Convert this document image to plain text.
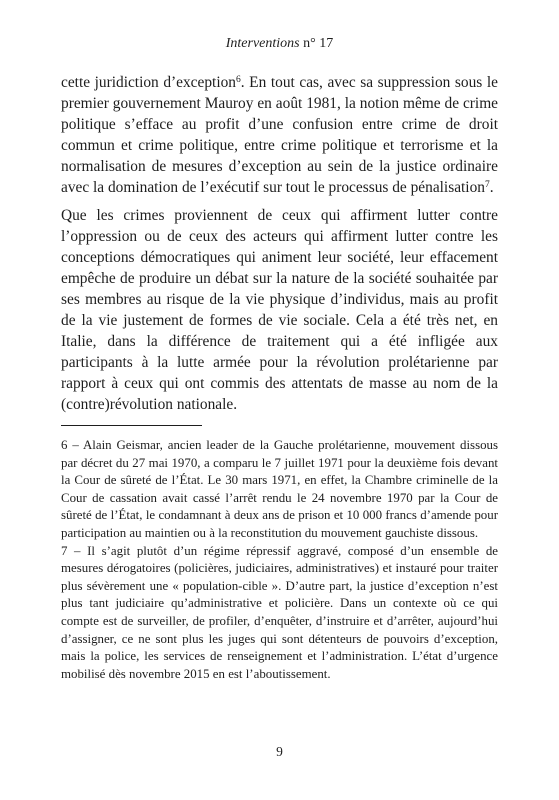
Interventions n° 17

cette juridiction d’exception$^6$. En tout cas, avec sa suppression sous le premier gouvernement Mauroy en août 1981, la notion même de crime politique s’efface au profit d’une confusion entre crime de droit commun et crime politique, entre crime politique et terrorisme et la normalisation de mesures d’exception au sein de la justice ordinaire avec la domination de l’exécutif sur tout le processus de pénalisation$^7$.

Que les crimes proviennent de ceux qui affirment lutter contre l’oppression ou de ceux des acteurs qui affirment lutter contre les conceptions démocratiques qui animent leur société, leur effacement empêche de produire un débat sur la nature de la société souhaitée par ses membres au risque de la vie physique d’individus, mais au profit de la vie justement de formes de vie sociale. Cela a été très net, en Italie, dans la différence de traitement qui a été infligée aux participants à la lutte armée pour la révolution prolétarienne par rapport à ceux qui ont commis des attentats de masse au nom de la (contre)révolution nationale.

6 – Alain Geismar, ancien leader de la Gauche prolétarienne, mouvement dissous par décret du 27 mai 1970, a comparu le 7 juillet 1971 pour la deuxième fois devant la Cour de sûreté de l’État. Le 30 mars 1971, en effet, la Chambre criminelle de la Cour de cassation avait cassé l’arrêt rendu le 24 novembre 1970 par la Cour de sûreté de l’État, le condamnant à deux ans de prison et 10 000 francs d’amende pour participation au maintien ou à la reconstitution du mouvement gauchiste dissous.

7 – Il s’agit plutôt d’un régime répressif aggravé, composé d’un ensemble de mesures dérogatoires (policières, judiciaires, administratives) et instauré pour traiter plus sévèrement une « population-cible ». D’autre part, la justice d’exception n’est plus tant judiciaire qu’administrative et policière. Dans un contexte où ce qui compte est de surveiller, de profiler, d’enquêter, d’instruire et d’arrêter, aujourd’hui d’assigner, ce ne sont plus les juges qui sont détenteurs de pouvoirs d’exception, mais la police, les services de renseignement et l’administration. L’état d’urgence mobilisé dès novembre 2015 en est l’aboutissement.

9
